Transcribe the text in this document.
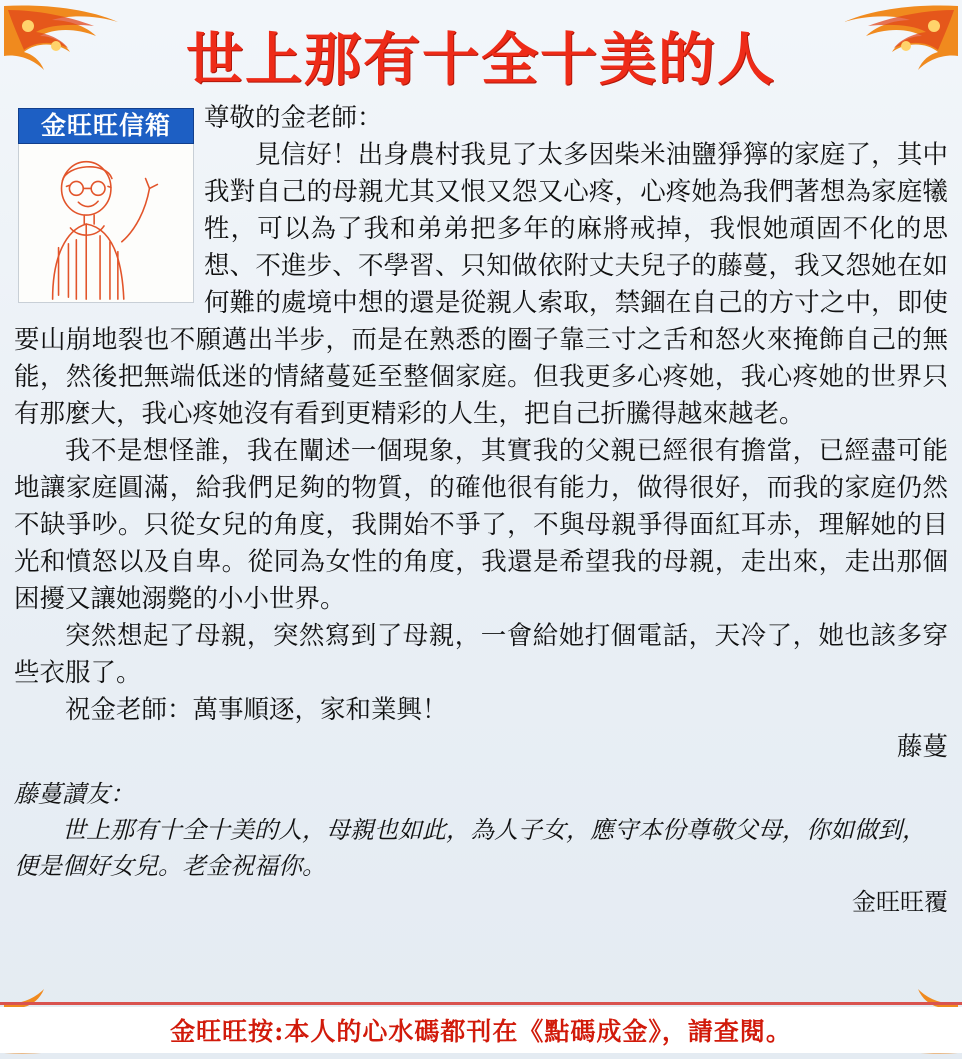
世上那有十全十美的人
金旺旺信箱	尊敬的金老師：

見信好！出身農村我見了太多因柴米油鹽猙獰的家庭了，其中我對自己的母親尤其又恨又怨又心疼，心疼她為我們著想為家庭犧牲，可以為了我和弟弟把多年的麻將戒掉，我恨她頑固不化的思想、不進步、不學習、只知做依附丈夫兒子的藤蔓，我又怨她在如何難的處境中想的還是從親人索取，禁錮在自己的方寸之中，即使要山崩地裂也不願邁出半步，而是在熟悉的圈子靠三寸之舌和怒火來掩飾自己的無能，然後把無端低迷的情緒蔓延至整個家庭。但我更多心疼她，我心疼她的世界只有那麼大，我心疼她沒有看到更精彩的人生，把自己折騰得越來越老。

我不是想怪誰，我在闡述一個現象，其實我的父親已經很有擔當，已經盡可能地讓家庭圓滿，給我們足夠的物質，的確他很有能力，做得很好，而我的家庭仍然不缺爭吵。只從女兒的角度，我開始不爭了，不與母親爭得面紅耳赤，理解她的目光和憤怒以及自卑。從同為女性的角度，我還是希望我的母親，走出來，走出那個困擾又讓她溺斃的小小世界。

突然想起了母親，突然寫到了母親，一會給她打個電話，天冷了，她也該多穿些衣服了。

祝金老師：萬事順逐，家和業興！

藤蔓

藤蔓讀友：

世上那有十全十美的人，母親也如此，為人子女，應守本份尊敬父母，你如做到，便是個好女兒。老金祝福你。

金旺旺覆

金旺旺按:本人的心水碼都刊在《點碼成金》，請查閱。
